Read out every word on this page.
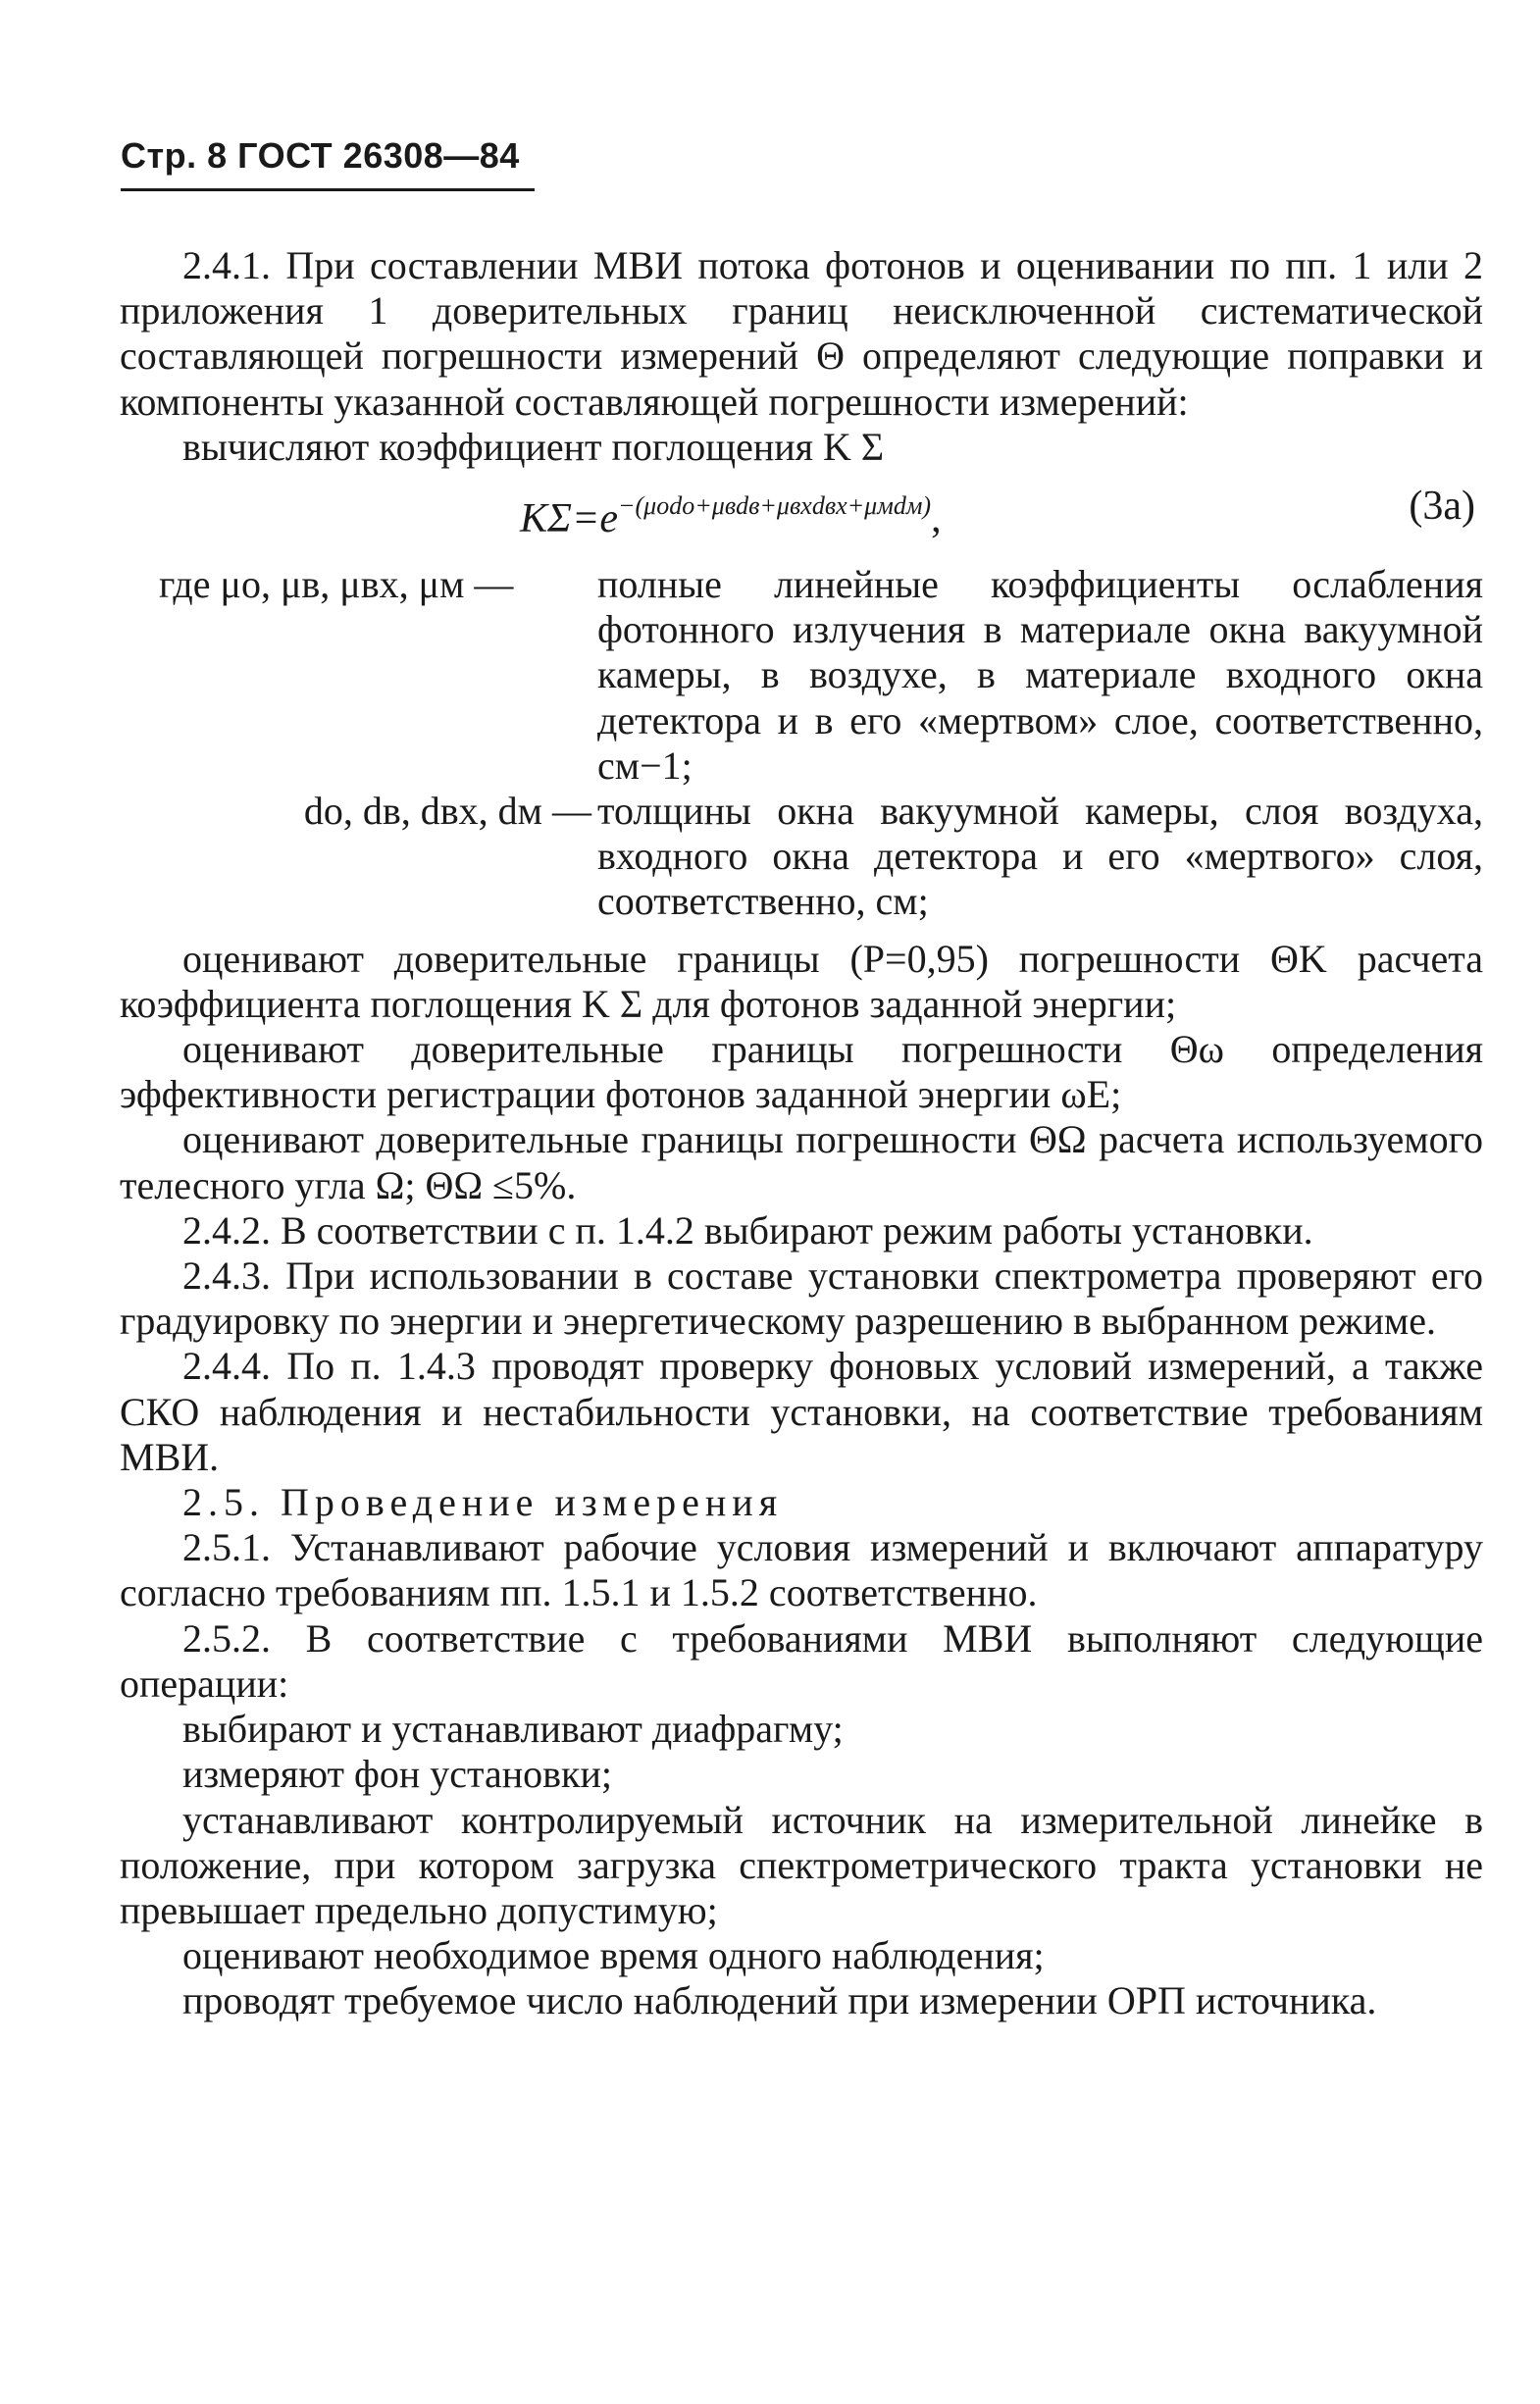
Стр. 8 ГОСТ 26308—84

2.4.1. При составлении МВИ потока фотонов и оценивании по пп. 1 или 2 приложения 1 доверительных границ неисключенной систематической составляющей погрешности измерений Θ определяют следующие поправки и компоненты указанной составляющей погрешности измерений:

вычисляют коэффициент поглощения K Σ

$K\Sigma=e^{-(\mu оdо+\mu вdв+\mu вхdвх+\mu мdм)}$,	(3а)
где μо, μв, μвх, μм —	полные линейные коэффициенты ослабления фотонного излучения в материале окна вакуумной камеры, в воздухе, в материале входного окна детектора и в его «мертвом» слое, соответственно, см−1;
dо, dв, dвх, dм — толщины окна вакуумной камеры, слоя воздуха, входного окна детектора и его «мертвого» слоя, соответственно, см;

оценивают доверительные границы (P=0,95) погрешности ΘK расчета коэффициента поглощения K Σ для фотонов заданной энергии;

оценивают доверительные границы погрешности Θω определения эффективности регистрации фотонов заданной энергии ωE;

оценивают доверительные границы погрешности ΘΩ расчета используемого телесного угла Ω; ΘΩ ≤5%.

2.4.2. В соответствии с п. 1.4.2 выбирают режим работы установки.

2.4.3. При использовании в составе установки спектрометра проверяют его градуировку по энергии и энергетическому разрешению в выбранном режиме.

2.4.4. По п. 1.4.3 проводят проверку фоновых условий измерений, а также СКО наблюдения и нестабильности установки, на соответствие требованиям МВИ.

2.5. Проведение измерения

2.5.1. Устанавливают рабочие условия измерений и включают аппаратуру согласно требованиям пп. 1.5.1 и 1.5.2 соответственно.

2.5.2. В соответствие с требованиями МВИ выполняют следующие операции:

выбирают и устанавливают диафрагму;

измеряют фон установки;

устанавливают контролируемый источник на измерительной линейке в положение, при котором загрузка спектрометрического тракта установки не превышает предельно допустимую;

оценивают необходимое время одного наблюдения;

проводят требуемое число наблюдений при измерении ОРП источника.
